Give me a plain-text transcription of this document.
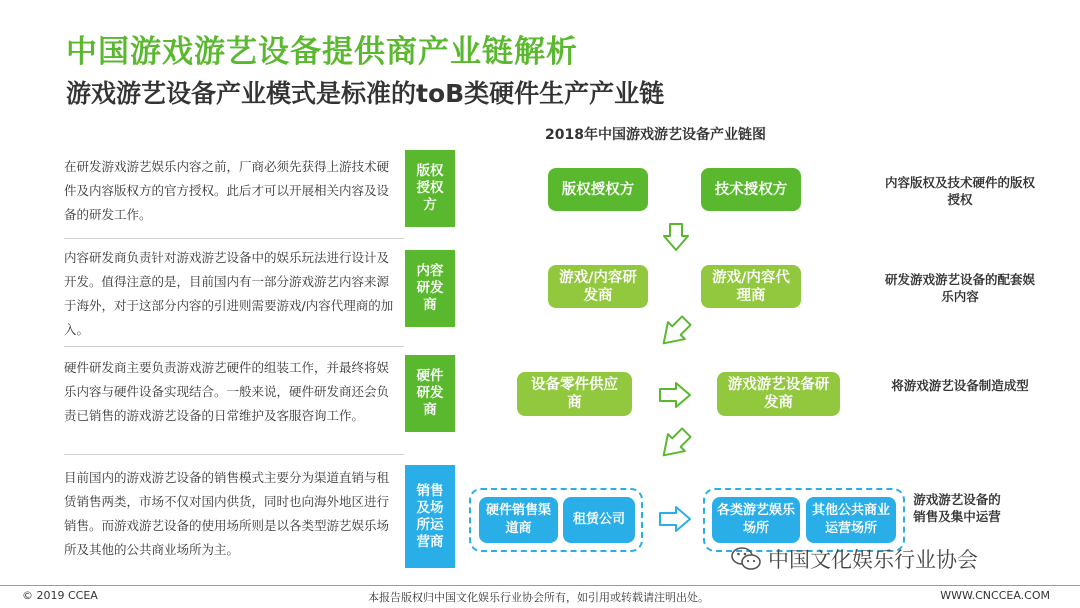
中国游戏游艺设备提供商产业链解析
游戏游艺设备产业模式是标准的toB类硬件生产产业链
2018年中国游戏游艺设备产业链图
在研发游戏游艺娱乐内容之前，厂商必须先获得上游技术硬件及内容版权方的官方授权。此后才可以开展相关内容及设备的研发工作。
版权授权方
版权授权方	技术授权方	内容版权及技术硬件的版权授权
内容研发商负责针对游戏游艺设备中的娱乐玩法进行设计及开发。值得注意的是，目前国内有一部分游戏游艺内容来源于海外，对于这部分内容的引进则需要游戏/内容代理商的加入。
内容研发商
游戏/内容研发商
游戏/内容代理商
研发游戏游艺设备的配套娱乐内容
硬件研发商主要负责游戏游艺硬件的组装工作，并最终将娱乐内容与硬件设备实现结合。一般来说，硬件研发商还会负责已销售的游戏游艺设备的日常维护及客服咨询工作。
硬件研发商
设备零件供应商
游戏游艺设备研发商
将游戏游艺设备制造成型
目前国内的游戏游艺设备的销售模式主要分为渠道直销与租赁销售两类，市场不仅对国内供货，同时也向海外地区进行销售。而游戏游艺设备的使用场所则是以各类型游艺娱乐场所及其他的公共商业场所为主。
销售及场所运营商
硬件销售渠道商
租赁公司
各类游艺娱乐场所
其他公共商业运营场所
游戏游艺设备的销售及集中运营
中国文化娱乐行业协会
© 2019 CCEA	本报告版权归中国文化娱乐行业协会所有，如引用或转载请注明出处。	WWW.CNCCEA.COM
